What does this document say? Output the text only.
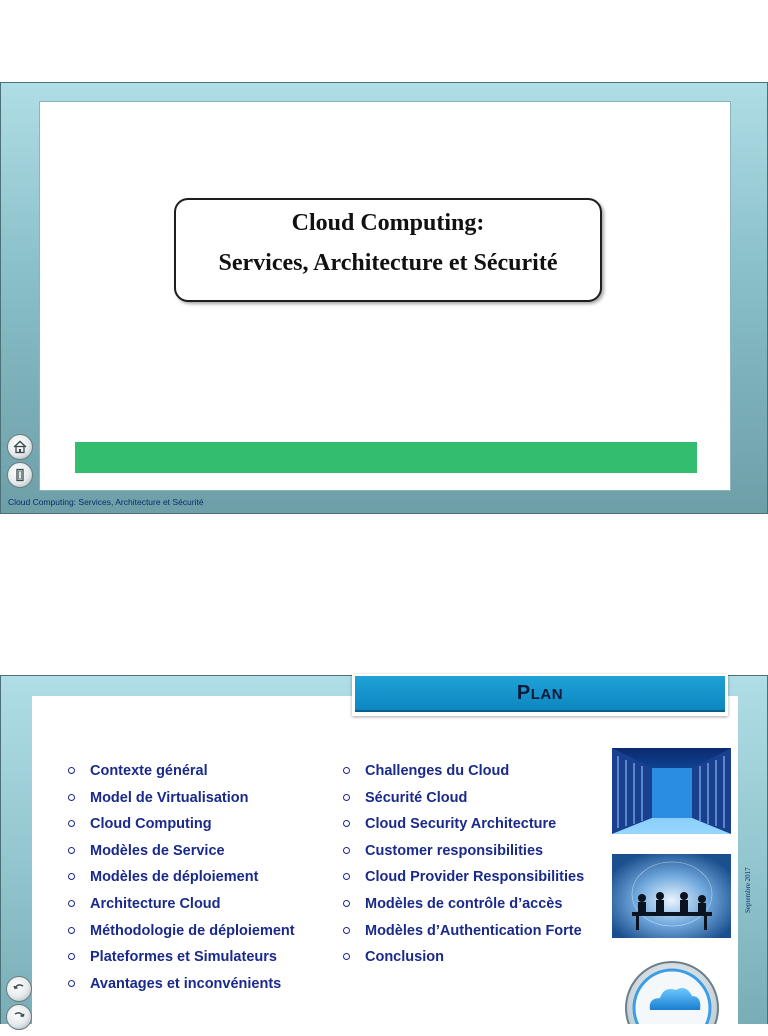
Cloud Computing:
Services, Architecture et Sécurité
Cloud Computing: Services, Architecture et Sécurité
PLAN
Contexte général
Model de Virtualisation
Cloud Computing
Modèles de Service
Modèles de déploiement
Architecture Cloud
Méthodologie de déploiement
Plateformes et Simulateurs
Avantages et inconvénients
Challenges du Cloud
Sécurité Cloud
Cloud Security Architecture
Customer responsibilities
Cloud Provider Responsibilities
Modèles de contrôle d’accès
Modèles d’Authentication Forte
Conclusion
Septembre 2017
